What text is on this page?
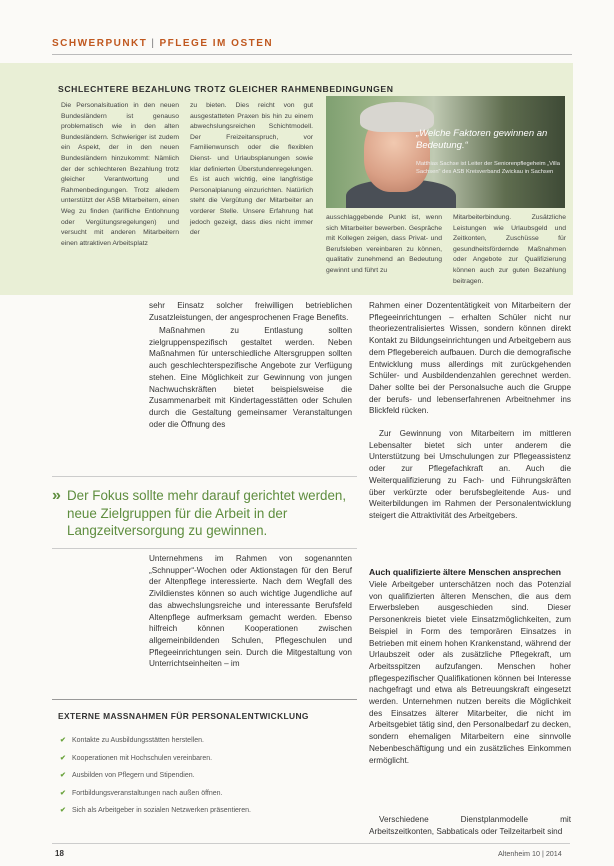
SCHWERPUNKT | PFLEGE IM OSTEN
SCHLECHTERE BEZAHLUNG TROTZ GLEICHER RAHMENBEDINGUNGEN
Die Personalsituation in den neuen Bundesländern ist genauso problematisch wie in den alten Bundesländern. Schwieriger ist zudem ein Aspekt, der in den neuen Bundesländern hinzukommt: Nämlich der der schlechteren Bezahlung trotz gleicher Verantwortung und Rahmenbedingungen. Trotz alledem unterstützt der ASB Mitarbeitern, einen Weg zu finden (tarifliche Entlohnung oder Vergütungsregelungen) und versucht mit anderen Mitarbeitern einen attraktiven Arbeitsplatz
zu bieten. Dies reicht von gut ausgestatteten Praxen bis hin zu einem abwechslungsreichen Schichtmodell. Der Freizeitanspruch, vor Familienwunsch oder die flexiblen Dienst- und Urlaubsplanungen sowie klar definierten Überstundenregelungen. Es ist auch wichtig, eine langfristige Personalplanung einzurichten. Natürlich steht die Vergütung der Mitarbeiter an vorderer Stelle. Unsere Erfahrung hat jedoch gezeigt, dass dies nicht immer der
„Welche Faktoren gewinnen an Bedeutung.“
Matthias Sachse ist Leiter der Seniorenpflegeheim „Villa Sachsen“ des ASB Kreisverband Zwickau in Sachsen
ausschlaggebende Punkt ist, wenn sich Mitarbeiter bewerben. Gespräche mit Kollegen zeigen, dass Privat- und Berufsleben vereinbaren zu können, qualitativ zunehmend an Bedeutung gewinnt und führt zu
Mitarbeiterbindung. Zusätzliche Leistungen wie Urlaubsgeld und Zeitkonten, Zuschüsse für gesundheitsfördernde Maßnahmen oder Angebote zur Qualifizierung können auch zur guten Bezahlung beitragen.
sehr Einsatz solcher freiwilligen betrieblichen Zusatzleistungen, der angesprochenen Frage Benefits.
Maßnahmen zu Entlastung sollten zielgruppenspezifisch gestaltet werden. Neben Maßnahmen für unterschiedliche Altersgruppen sollten auch geschlechterspezifische Angebote zur Verfügung stehen. Eine Möglichkeit zur Gewinnung von jungen Nachwuchskräften bietet beispielsweise die Zusammenarbeit mit Kindertagesstätten oder Schulen durch die Gestaltung gemeinsamer Veranstaltungen oder die Öffnung des
» Der Fokus sollte mehr darauf gerichtet werden, neue Zielgruppen für die Arbeit in der Langzeitversorgung zu gewinnen.
Unternehmens im Rahmen von sogenannten „Schnupper“-Wochen oder Aktionstagen für den Beruf der Altenpflege interessierte. Nach dem Wegfall des Zivildienstes können so auch wichtige Jugendliche auf das abwechslungsreiche und interessante Berufsfeld Altenpflege aufmerksam gemacht werden. Ebenso hilfreich können Kooperationen zwischen allgemeinbildenden Schulen, Pflegeschulen und Pflegeeinrichtungen sein. Durch die Mitgestaltung von Unterrichtseinheiten – im
Rahmen einer Dozententätigkeit von Mitarbeitern der Pflegeeinrichtungen – erhalten Schüler nicht nur theoriezentralisiertes Wissen, sondern können direkt Kontakt zu Bildungseinrichtungen und Arbeitgebern aus dem Pflegebereich aufbauen. Durch die demografische Entwicklung muss allerdings mit zurückgehenden Schüler- und Ausbildendenzahlen gerechnet werden. Daher sollte bei der Personalsuche auch die Gruppe der berufs- und lebenserfahrenen Arbeitnehmer ins Blickfeld rücken.
Zur Gewinnung von Mitarbeitern im mittleren Lebensalter bietet sich unter anderem die Unterstützung bei Umschulungen zur Pflegeassistenz oder zur Pflegefachkraft an. Auch die Weiterqualifizierung zu Fach- und Führungskräften über verkürzte oder berufsbegleitende Aus- und Weiterbildungen im Rahmen der Personalentwicklung steigert die Attraktivität des Arbeitgebers.
Auch qualifizierte ältere Menschen ansprechen
Viele Arbeitgeber unterschätzen noch das Potenzial von qualifizierten älteren Menschen, die aus dem Erwerbsleben ausgeschieden sind. Dieser Personenkreis bietet viele Einsatzmöglichkeiten, zum Beispiel in Form des temporären Einsatzes in Betrieben mit einem hohen Krankenstand, während der Urlaubszeit oder als zusätzliche Pflegekraft, um Arbeitsspitzen aufzufangen. Menschen hoher pflegespezifischer Qualifikationen können bei Interesse nachgefragt und etwa als Betreuungskraft eingesetzt werden. Unternehmen nutzen bereits die Möglichkeit des Einsatzes älterer Mitarbeiter, die nicht im Arbeitsgebiet tätig sind, den Personalbedarf zu decken, sondern ehemaligen Mitarbeitern eine sinnvolle Nebenbeschäftigung und ein zusätzliches Einkommen ermöglicht.
Verschiedene Dienstplanmodelle mit Arbeitszeitkonten, Sabbaticals oder Teilzeitarbeit sind
EXTERNE MASSNAHMEN FÜR PERSONALENTWICKLUNG
✔ Kontakte zu Ausbildungsstätten herstellen.
✔ Kooperationen mit Hochschulen vereinbaren.
✔ Ausbilden von Pflegern und Stipendien.
✔ Fortbildungsveranstaltungen nach außen öffnen.
✔ Sich als Arbeitgeber in sozialen Netzwerken präsentieren.
18	Altenheim 10 | 2014
